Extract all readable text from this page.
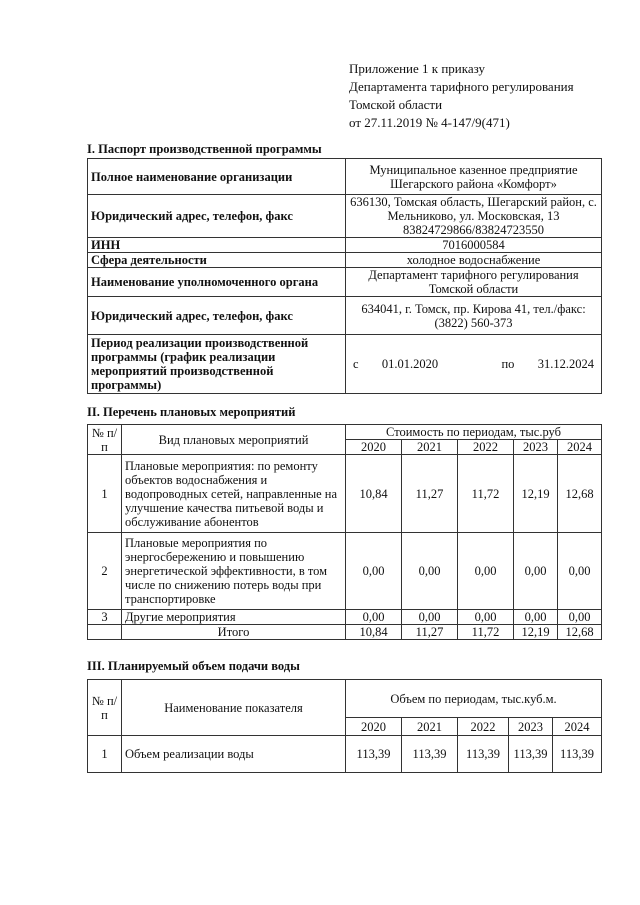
Приложение 1 к приказу
Департамента тарифного регулирования
Томской области
от 27.11.2019 № 4-147/9(471)
I. Паспорт производственной программы
Полное наименование организации	Муниципальное казенное предприятие Шегарского района «Комфорт»
Юридический адрес, телефон, факс	636130, Томская область, Шегарский район, с. Мельниково, ул. Московская, 13 83824729866/83824723550
ИНН	7016000584
Сфера деятельности	холодное водоснабжение
Наименование уполномоченного органа	Департамент тарифного регулирования Томской области
Юридический адрес, телефон, факс	634041, г. Томск, пр. Кирова 41, тел./факс: (3822) 560-373
Период реализации производственной программы (график реализации мероприятий производственной программы)	с 01.01.2020 по 31.12.2024
II. Перечень плановых мероприятий
№ п/п	Вид плановых мероприятий	Стоимость по периодам, тыс.руб				
		2020	2021	2022	2023	2024
1	Плановые мероприятия: по ремонту объектов водоснабжения и водопроводных сетей, направленные на улучшение качества питьевой воды и обслуживание абонентов	10,84	11,27	11,72	12,19	12,68
2	Плановые мероприятия по энергосбережению и повышению энергетической эффективности, в том числе по снижению потерь воды при транспортировке	0,00	0,00	0,00	0,00	0,00
3	Другие мероприятия	0,00	0,00	0,00	0,00	0,00
	Итого	10,84	11,27	11,72	12,19	12,68
III. Планируемый объем подачи воды
№ п/п	Наименование показателя	Объем по периодам, тыс.куб.м.				
		2020	2021	2022	2023	2024
1	Объем реализации воды	113,39	113,39	113,39	113,39	113,39
